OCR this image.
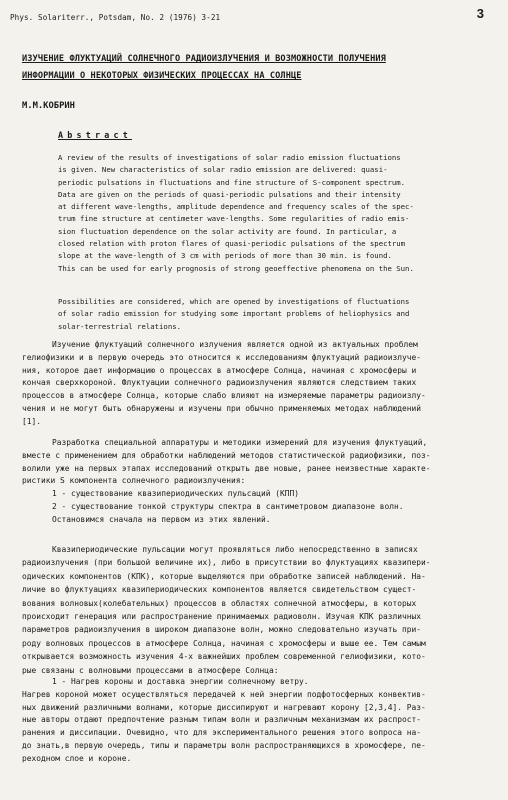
Phys. Solariterr., Potsdam, No. 2 (1976) 3-21	3
ИЗУЧЕНИЕ ФЛУКТУАЦИЙ СОЛНЕЧНОГО РАДИОИЗЛУЧЕНИЯ И ВОЗМОЖНОСТИ ПОЛУЧЕНИЯ
ИНФОРМАЦИИ О НЕКОТОРЫХ ФИЗИЧЕСКИХ ПРОЦЕССАХ НА СОЛНЦЕ
М.М.КОБРИН
Abstract
A review of the results of investigations of solar radio emission fluctuations
is given. New characteristics of solar radio emission are delivered: quasi-
periodic pulsations in fluctuations and fine structure of S-component spectrum.
Data are given on the periods of quasi-periodic pulsations and their intensity
at different wave-lengths, amplitude dependence and frequency scales of the spec-
trum fine structure at centimeter wave-lengths. Some regularities of radio emis-
sion fluctuation dependence on the solar activity are found. In particular, a
closed relation with proton flares of quasi-periodic pulsations of the spectrum
slope at the wave-length of 3 cm with periods of more than 30 min. is found.
This can be used for early prognosis of strong geoeffective phenomena on the Sun.
Possibilities are considered, which are opened by investigations of fluctuations
of solar radio emission for studying some important problems of heliophysics and
solar-terrestrial relations.
Изучение флуктуаций солнечного излучения является одной из актуальных проблем
гелиофизики и в первую очередь это относится к исследованиям флуктуаций радиоизлуче-
ния, которое дает информацию о процессах в атмосфере Солнца, начиная с хромосферы и
кончая сверхкороной. Флуктуации солнечного радиоизлучения являются следствием таких
процессов в атмосфере Солнца, которые слабо влияют на измеряемые параметры радиоизлу-
чения и не могут быть обнаружены и изучены при обычно применяемых методах наблюдений
[1].
Разработка специальной аппаратуры и методики измерений для изучения флуктуаций,
вместе с применением для обработки наблюдений методов статистической радиофизики, поз-
волили уже на первых этапах исследований открыть две новые, ранее неизвестные характе-
ристики S компонента солнечного радиоизлучения:
1 - существование квазипериодических пульсаций (КПП)
2 - существование тонкой структуры спектра в сантиметровом диапазоне волн.
Остановимся сначала на первом из этих явлений.
Квазипериодические пульсации могут проявляться либо непосредственно в записях
радиоизлучения (при большой величине их), либо в присутствии во флуктуациях квазипери-
одических компонентов (КПК), которые выделяются при обработке записей наблюдений. На-
личие во флуктуациях квазипериодических компонентов является свидетельством сущест-
вования волновых(колебательных) процессов в областях солнечной атмосферы, в которых
происходит генерация или распространение принимаемых радиоволн. Изучая КПК различных
параметров радиоизлучения в широком диапазоне волн, можно следовательно изучать при-
роду волновых процессов в атмосфере Солнца, начиная с хромосферы и выше ее. Тем самым
открывается возможность изучения 4-х важнейших проблем современной гелиофизики, кото-
рые связаны с волновыми процессами в атмосфере Солнца:
1 - Нагрев короны и доставка энергии солнечному ветру.
Нагрев короной может осуществляться передачей к ней энергии подфотосферных конвектив-
ных движений различными волнами, которые диссипируют и нагревают корону [2,3,4]. Раз-
ные авторы отдают предпочтение разным типам волн и различным механизмам их распрост-
ранения и диссипации. Очевидно, что для экспериментального решения этого вопроса на-
до знать,в первую очередь, типы и параметры волн распространяющихся в хромосфере, пе-
реходном слое и короне.
